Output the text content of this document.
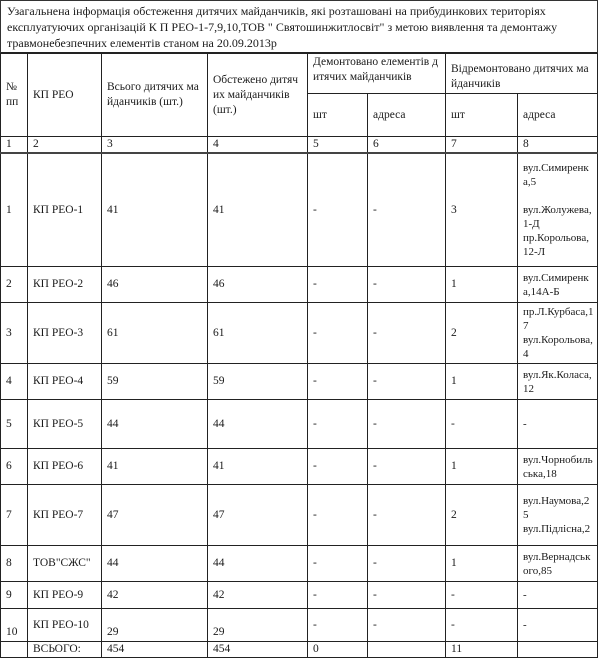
Узагальнена інформація обстеження дитячих майданчиків, які розташовані на прибудинкових територіях експлуатуючих організацій К П РЕО-1-7,9,10,ТОВ " Святошинжитлосвіт" з метою виявлення та демонтажу травмонебезпечних елементів станом на 20.09.2013р
№ пп	КП РЕО	Всього дитячих майданчиків (шт.)	Обстежено дитячих майданчиків (шт.)	Демонтовано елементів дитячих майданчиків		Відремонтовано дитячих майданчиків	
				шт	адреса	шт	адреса
1	2	3	4	5	6	7	8
1	КП РЕО-1	41	41	-	-	3	вул.Симиренка,5
вул.Жолужева,1-Д
пр.Корольова,12-Л

2	КП РЕО-2	46	46	-	-	1	вул.Симиренка,14А-Б

3	КП РЕО-3	61	61	-	-	2	пр.Л.Курбаса,17
вул.Корольова,4

4	КП РЕО-4	59	59	-	-	1	вул.Як.Коласа,12

5	КП РЕО-5	44	44	-	-	-	-

6	КП РЕО-6	41	41	-	-	1	вул.Чорнобильська,18

7	КП РЕО-7	47	47	-	-	2	вул.Наумова,25
вул.Підлісна,2

8	ТОВ"СЖС"	44	44	-	-	1	вул.Вернадського,85

9	КП РЕО-9	42	42	-	-	-	-

10	КП РЕО-10	29	29	-	-	-	-

	ВСЬОГО:	454	454	0		11	
